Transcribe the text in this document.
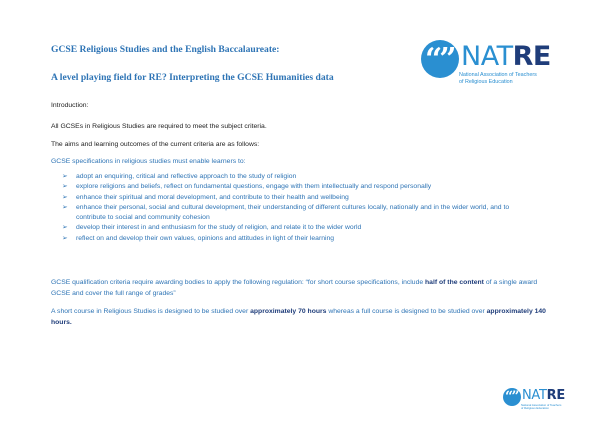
GCSE Religious Studies and the English Baccalaureate:
A level playing field for RE? Interpreting the GCSE Humanities data
“” NATRE
National Association of Teachers
of Religious Education

Introduction:

All GCSEs in Religious Studies are required to meet the subject criteria.

The aims and learning outcomes of the current criteria are as follows:

GCSE specifications in religious studies must enable learners to:

➢ adopt an enquiring, critical and reflective approach to the study of religion
➢ explore religions and beliefs, reflect on fundamental questions, engage with them intellectually and respond personally
➢ enhance their spiritual and moral development, and contribute to their health and wellbeing
➢ enhance their personal, social and cultural development, their understanding of different cultures locally, nationally and in the wider world, and to
contribute to social and community cohesion
➢ develop their interest in and enthusiasm for the study of religion, and relate it to the wider world
➢ reflect on and develop their own values, opinions and attitudes in light of their learning

GCSE qualification criteria require awarding bodies to apply the following regulation: “for short course specifications, include half of the content of a single award GCSE and cover the full range of grades”

A short course in Religious Studies is designed to be studied over approximately 70 hours whereas a full course is designed to be studied over approximately 140 hours.

“” NATRE
National Association of Teachers
of Religious Education
